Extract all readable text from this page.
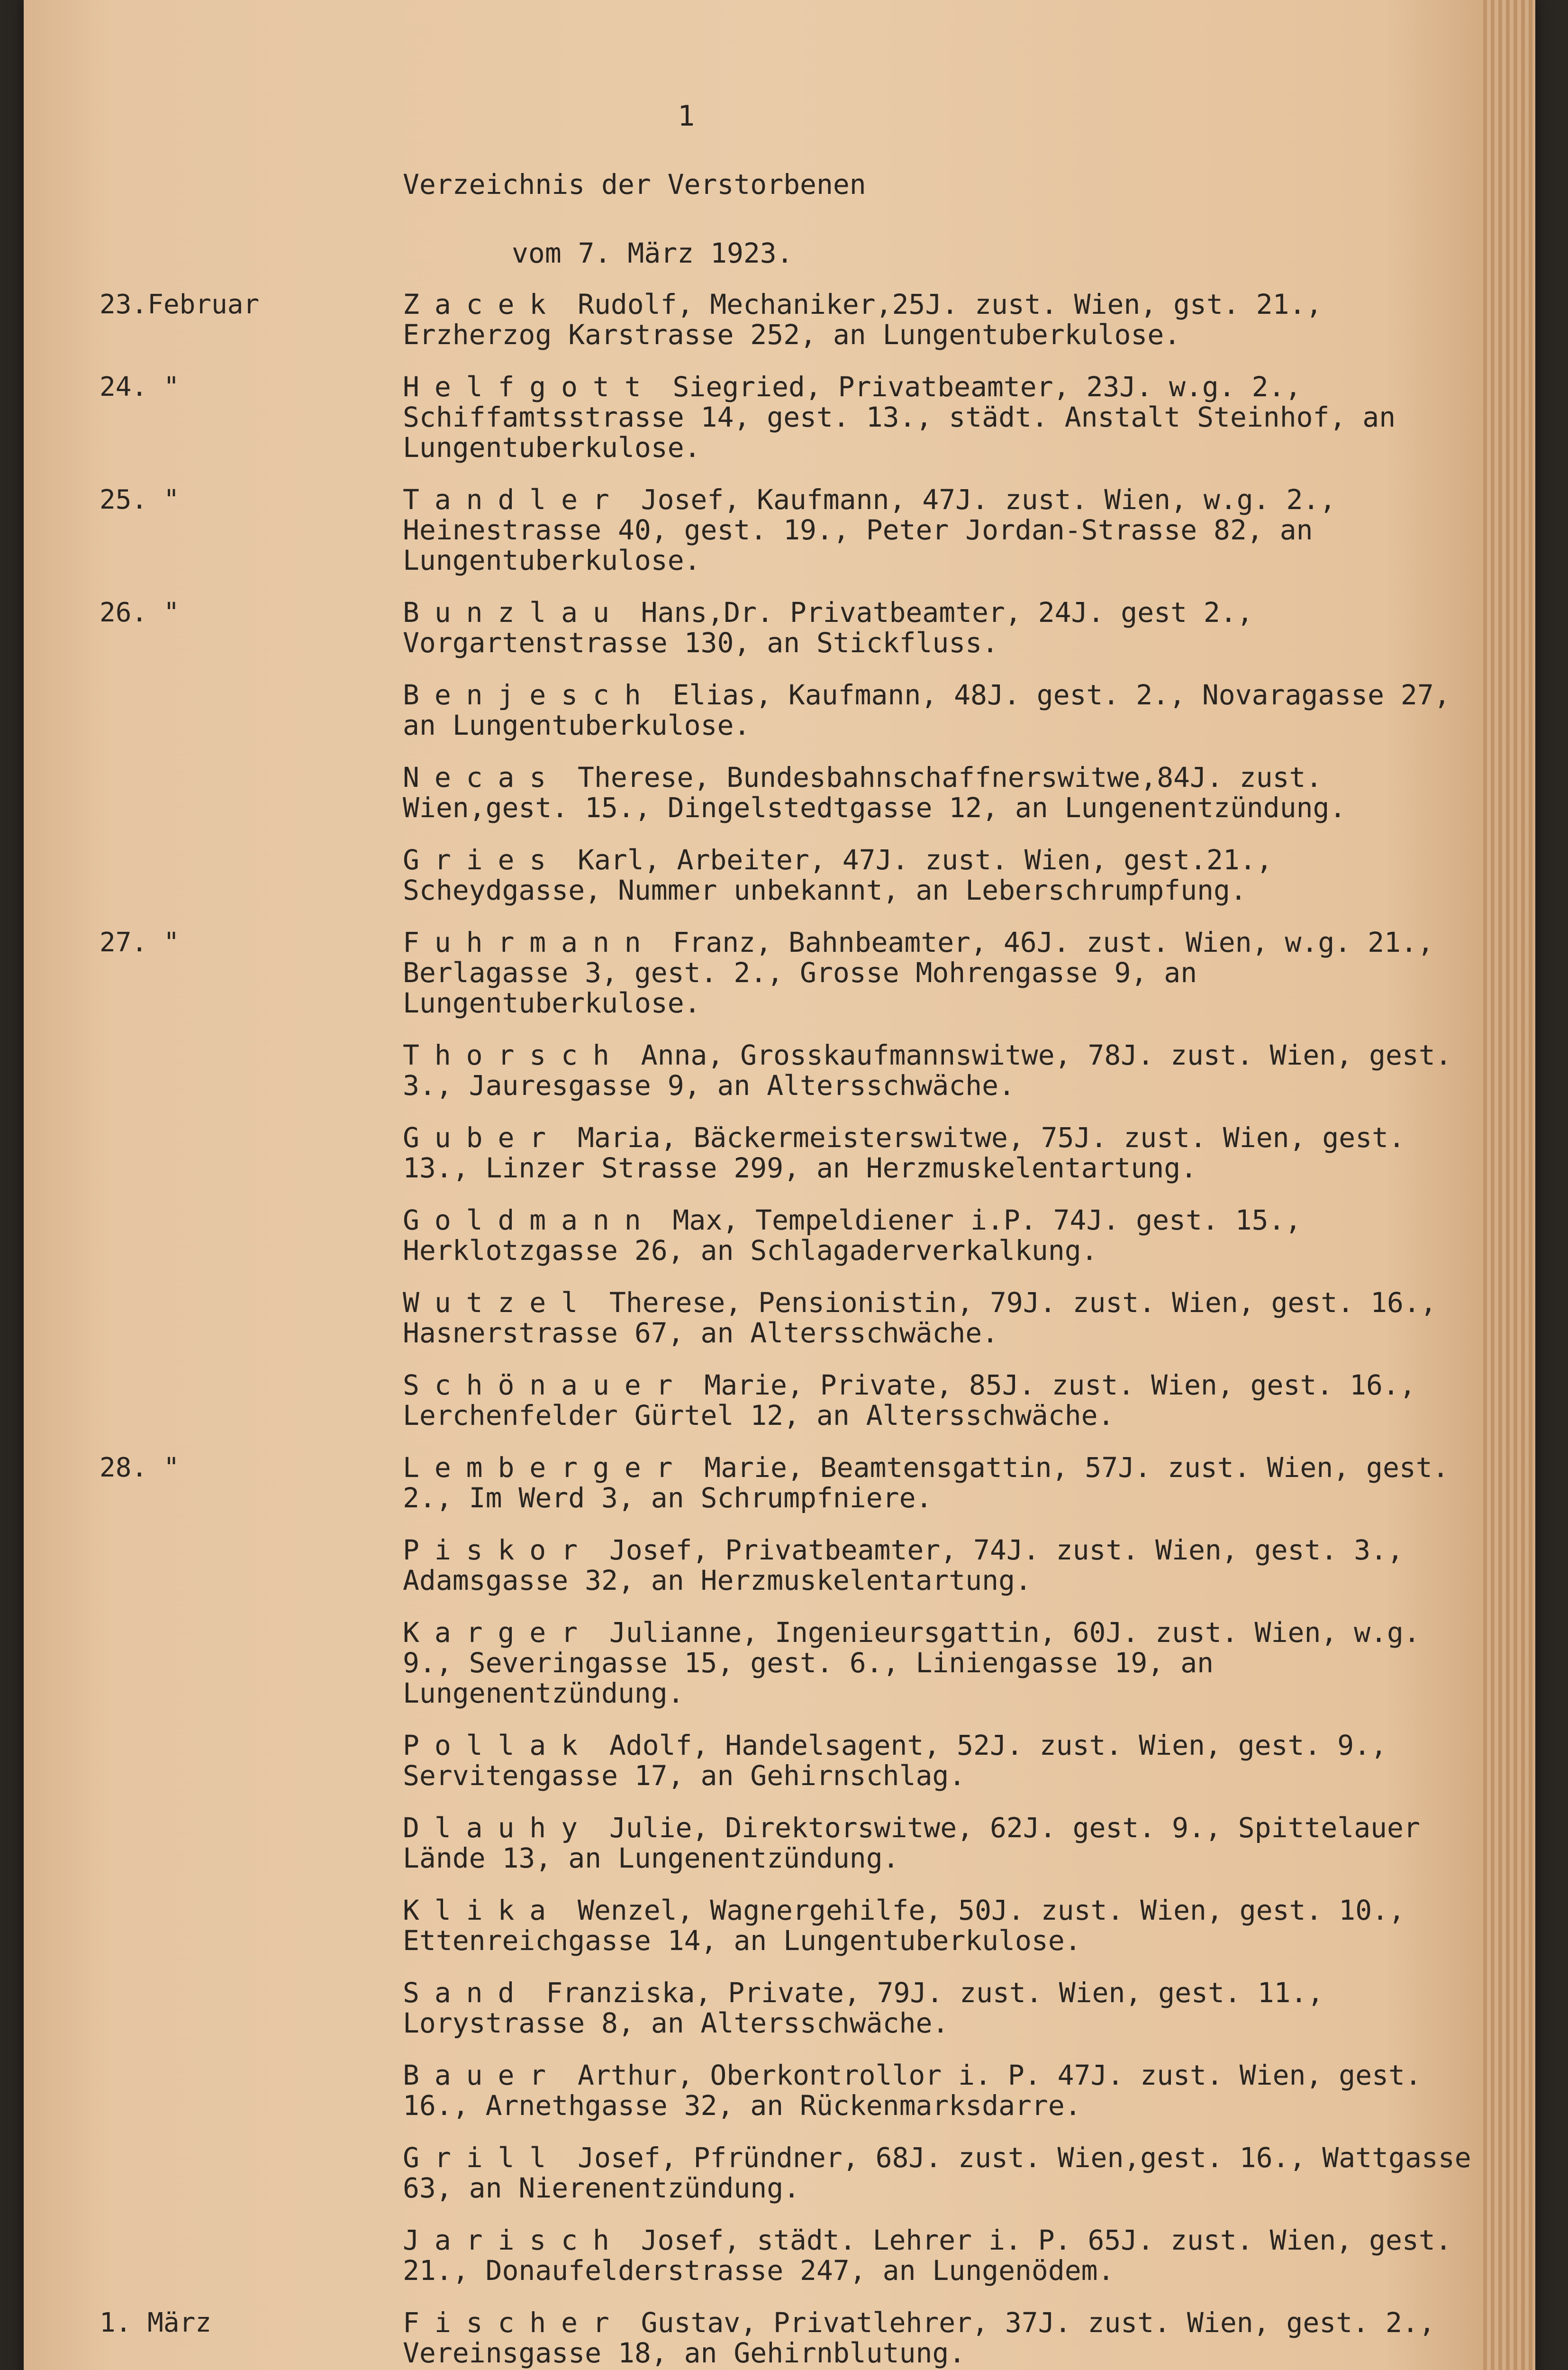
1
Verzeichnis der Verstorbenen
vom 7. März 1923.
23.Februar	Zacek Rudolf, Mechaniker,25J. zust. Wien, gst. 21., Erzherzog Karstrasse 252, an Lungentuberkulose.
24. "	Helfgott Siegried, Privatbeamter, 23J. w.g. 2., Schiffamtsstrasse 14, gest. 13., städt. Anstalt Steinhof, an Lungentuberkulose.
25. "	Tandler Josef, Kaufmann, 47J. zust. Wien, w.g. 2., Heinestrasse 40, gest. 19., Peter Jordan-Strasse 82, an Lungentuberkulose.
26. "	Bunzlau Hans,Dr. Privatbeamter, 24J. gest 2., Vorgartenstrasse 130, an Stickfluss.
Benjesch Elias, Kaufmann, 48J. gest. 2., Novaragasse 27, an Lungentuberkulose.
Necas Therese, Bundesbahnschaffnerswitwe,84J. zust. Wien,gest. 15., Dingelstedtgasse 12, an Lungenentzündung.
Gries Karl, Arbeiter, 47J. zust. Wien, gest.21., Scheydgasse, Nummer unbekannt, an Leberschrumpfung.
27. "	Fuhrmann Franz, Bahnbeamter, 46J. zust. Wien, w.g. 21., Berlagasse 3, gest. 2., Grosse Mohrengasse 9, an Lungentuberkulose.
Thorsch Anna, Grosskaufmannswitwe, 78J. zust. Wien, gest. 3., Jauresgasse 9, an Altersschwäche.
Guber Maria, Bäckermeisterswitwe, 75J. zust. Wien, gest. 13., Linzer Strasse 299, an Herzmuskelentartung.
Goldmann Max, Tempeldiener i.P. 74J. gest. 15., Herklotzgasse 26, an Schlagaderverkalkung.
Wutzel Therese, Pensionistin, 79J. zust. Wien, gest. 16., Hasnerstrasse 67, an Altersschwäche.
Schönauer Marie, Private, 85J. zust. Wien, gest. 16., Lerchenfelder Gürtel 12, an Altersschwäche.
28. "	Lemberger Marie, Beamtensgattin, 57J. zust. Wien, gest. 2., Im Werd 3, an Schrumpfniere.
Piskor Josef, Privatbeamter, 74J. zust. Wien, gest. 3., Adamsgasse 32, an Herzmuskelentartung.
Karger Julianne, Ingenieursgattin, 60J. zust. Wien, w.g. 9., Severingasse 15, gest. 6., Liniengasse 19, an Lungenentzündung.
Pollak Adolf, Handelsagent, 52J. zust. Wien, gest. 9., Servitengasse 17, an Gehirnschlag.
Dlauhy Julie, Direktorswitwe, 62J. gest. 9., Spittelauer Lände 13, an Lungenentzündung.
Klika Wenzel, Wagnergehilfe, 50J. zust. Wien, gest. 10., Ettenreichgasse 14, an Lungentuberkulose.
Sand Franziska, Private, 79J. zust. Wien, gest. 11., Lorystrasse 8, an Altersschwäche.
Bauer Arthur, Oberkontrollor i. P. 47J. zust. Wien, gest. 16., Arnethgasse 32, an Rückenmarksdarre.
Grill Josef, Pfründner, 68J. zust. Wien,gest. 16., Wattgasse 63, an Nierenentzündung.
Jarisch Josef, städt. Lehrer i. P. 65J. zust. Wien, gest. 21., Donaufelderstrasse 247, an Lungenödem.
1. März	Fischer Gustav, Privatlehrer, 37J. zust. Wien, gest. 2., Vereinsgasse 18, an Gehirnblutung.
